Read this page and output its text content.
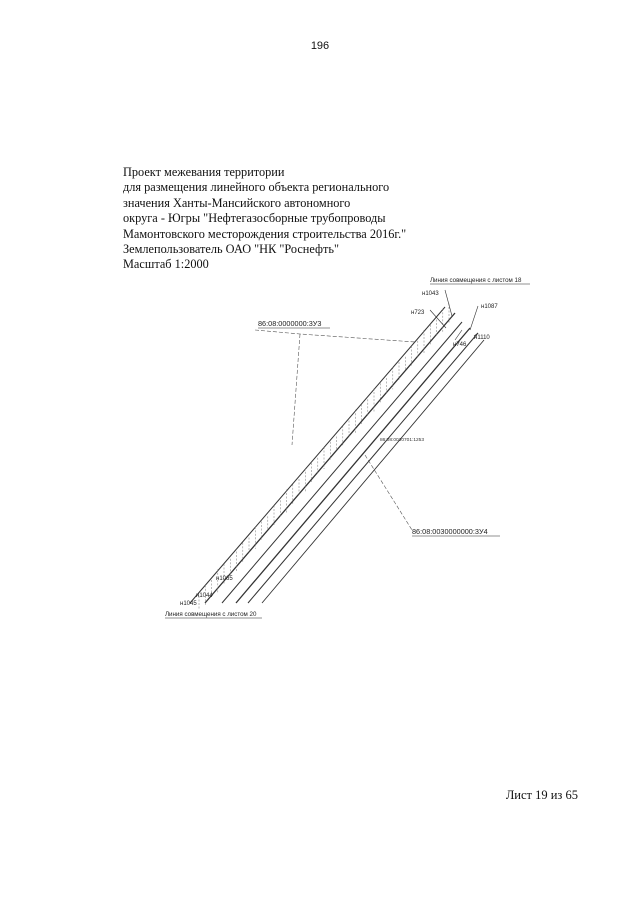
196
Проект межевания территории
для размещения линейного объекта регионального
значения Ханты-Мансийского автономного
округа - Югры "Нефтегазосборные трубопроводы
Мамонтовского месторождения строительства 2016г."
Землепользователь ОАО "НК "Роснефть"
Масштаб 1:2000
Линия совмещения с листом 18
86:08:0000000:3У3
86:08:0030000000:3У4
86:08:0030701:1253
н1043
н1087
н723
н1110
н746
н1065
н1044
н1045
Линия совмещения с листом 20
Лист 19 из 65
